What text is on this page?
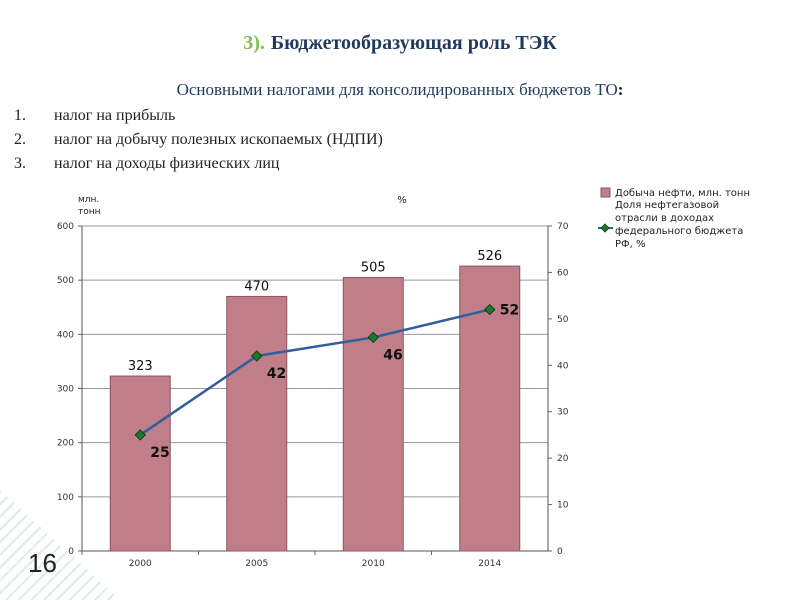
3). Бюджетообразующая роль ТЭК
Основными налогами для консолидированных бюджетов ТО:
1. налог на прибыль
2. налог на добычу полезных ископаемых (НДПИ)
3. налог на доходы физических лиц
0
100
200
300
400
500
600
0
10
20
30
40
50
60
70
млн.
тонн
%
323
470
505
526
2000	2005	2010	2014
25
42
46
52
Добыча нефти, млн. тонн
Доля нефтегазовой
отрасли в доходах
федерального бюджета
РФ, %
16
